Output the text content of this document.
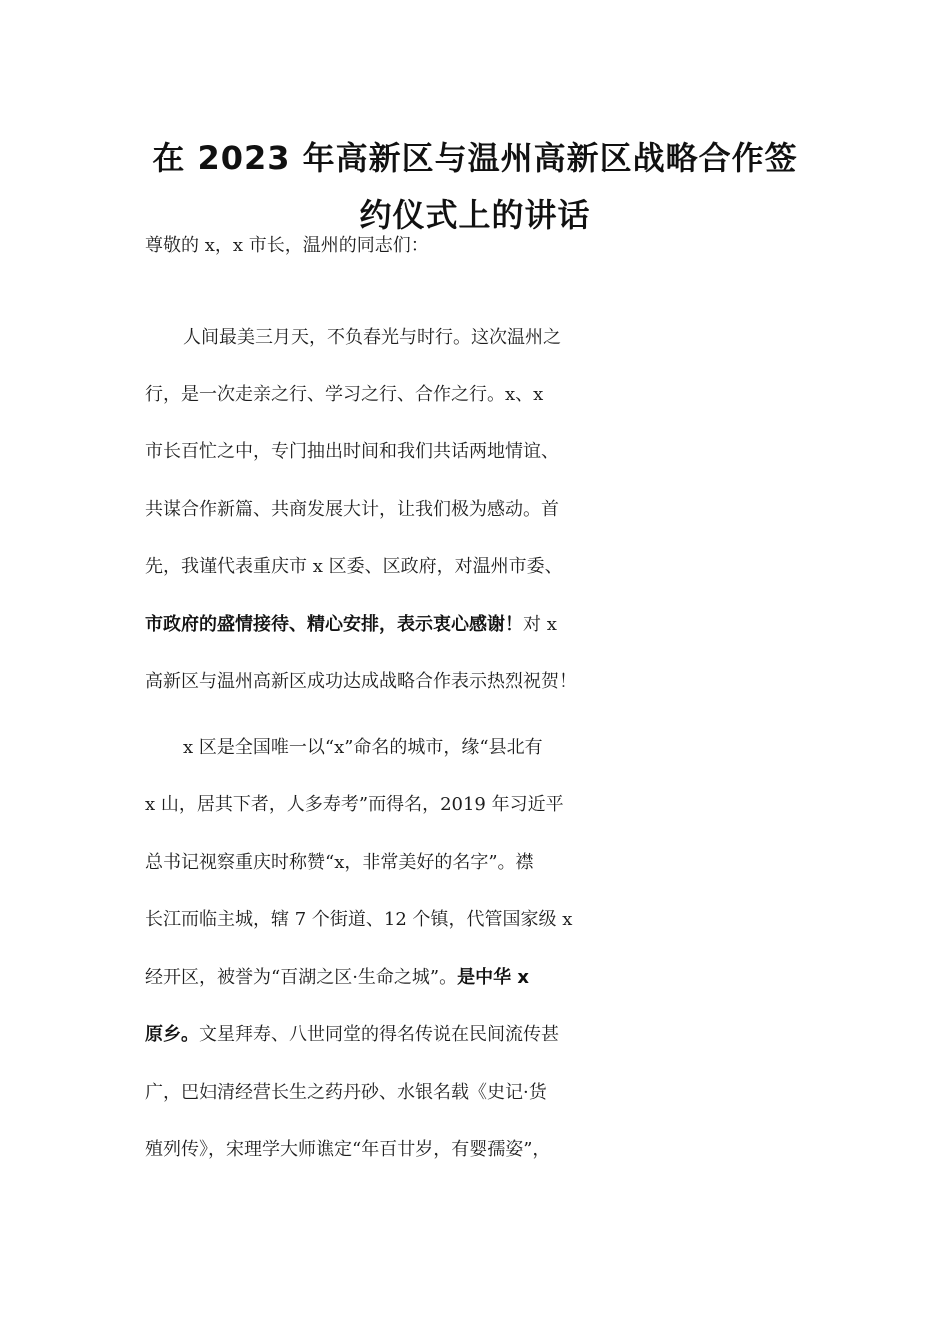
在 2023 年高新区与温州高新区战略合作签
约仪式上的讲话
尊敬的 x，x 市长，温州的同志们：
人间最美三月天，不负春光与时行。这次温州之
行，是一次走亲之行、学习之行、合作之行。x、x
市长百忙之中，专门抽出时间和我们共话两地情谊、
共谋合作新篇、共商发展大计，让我们极为感动。首
先，我谨代表重庆市 x 区委、区政府，对温州市委、
市政府的盛情接待、精心安排，表示衷心感谢！对 x
高新区与温州高新区成功达成战略合作表示热烈祝贺！
x 区是全国唯一以“x”命名的城市，缘“县北有
x 山，居其下者，人多寿考”而得名，2019 年习近平
总书记视察重庆时称赞“x，非常美好的名字”。襟
长江而临主城，辖 7 个街道、12 个镇，代管国家级 x
经开区，被誉为“百湖之区·生命之城”。是中华 x
原乡。文星拜寿、八世同堂的得名传说在民间流传甚
广，巴妇清经营长生之药丹砂、水银名载《史记·货
殖列传》，宋理学大师谯定“年百廿岁，有婴孺姿”，
